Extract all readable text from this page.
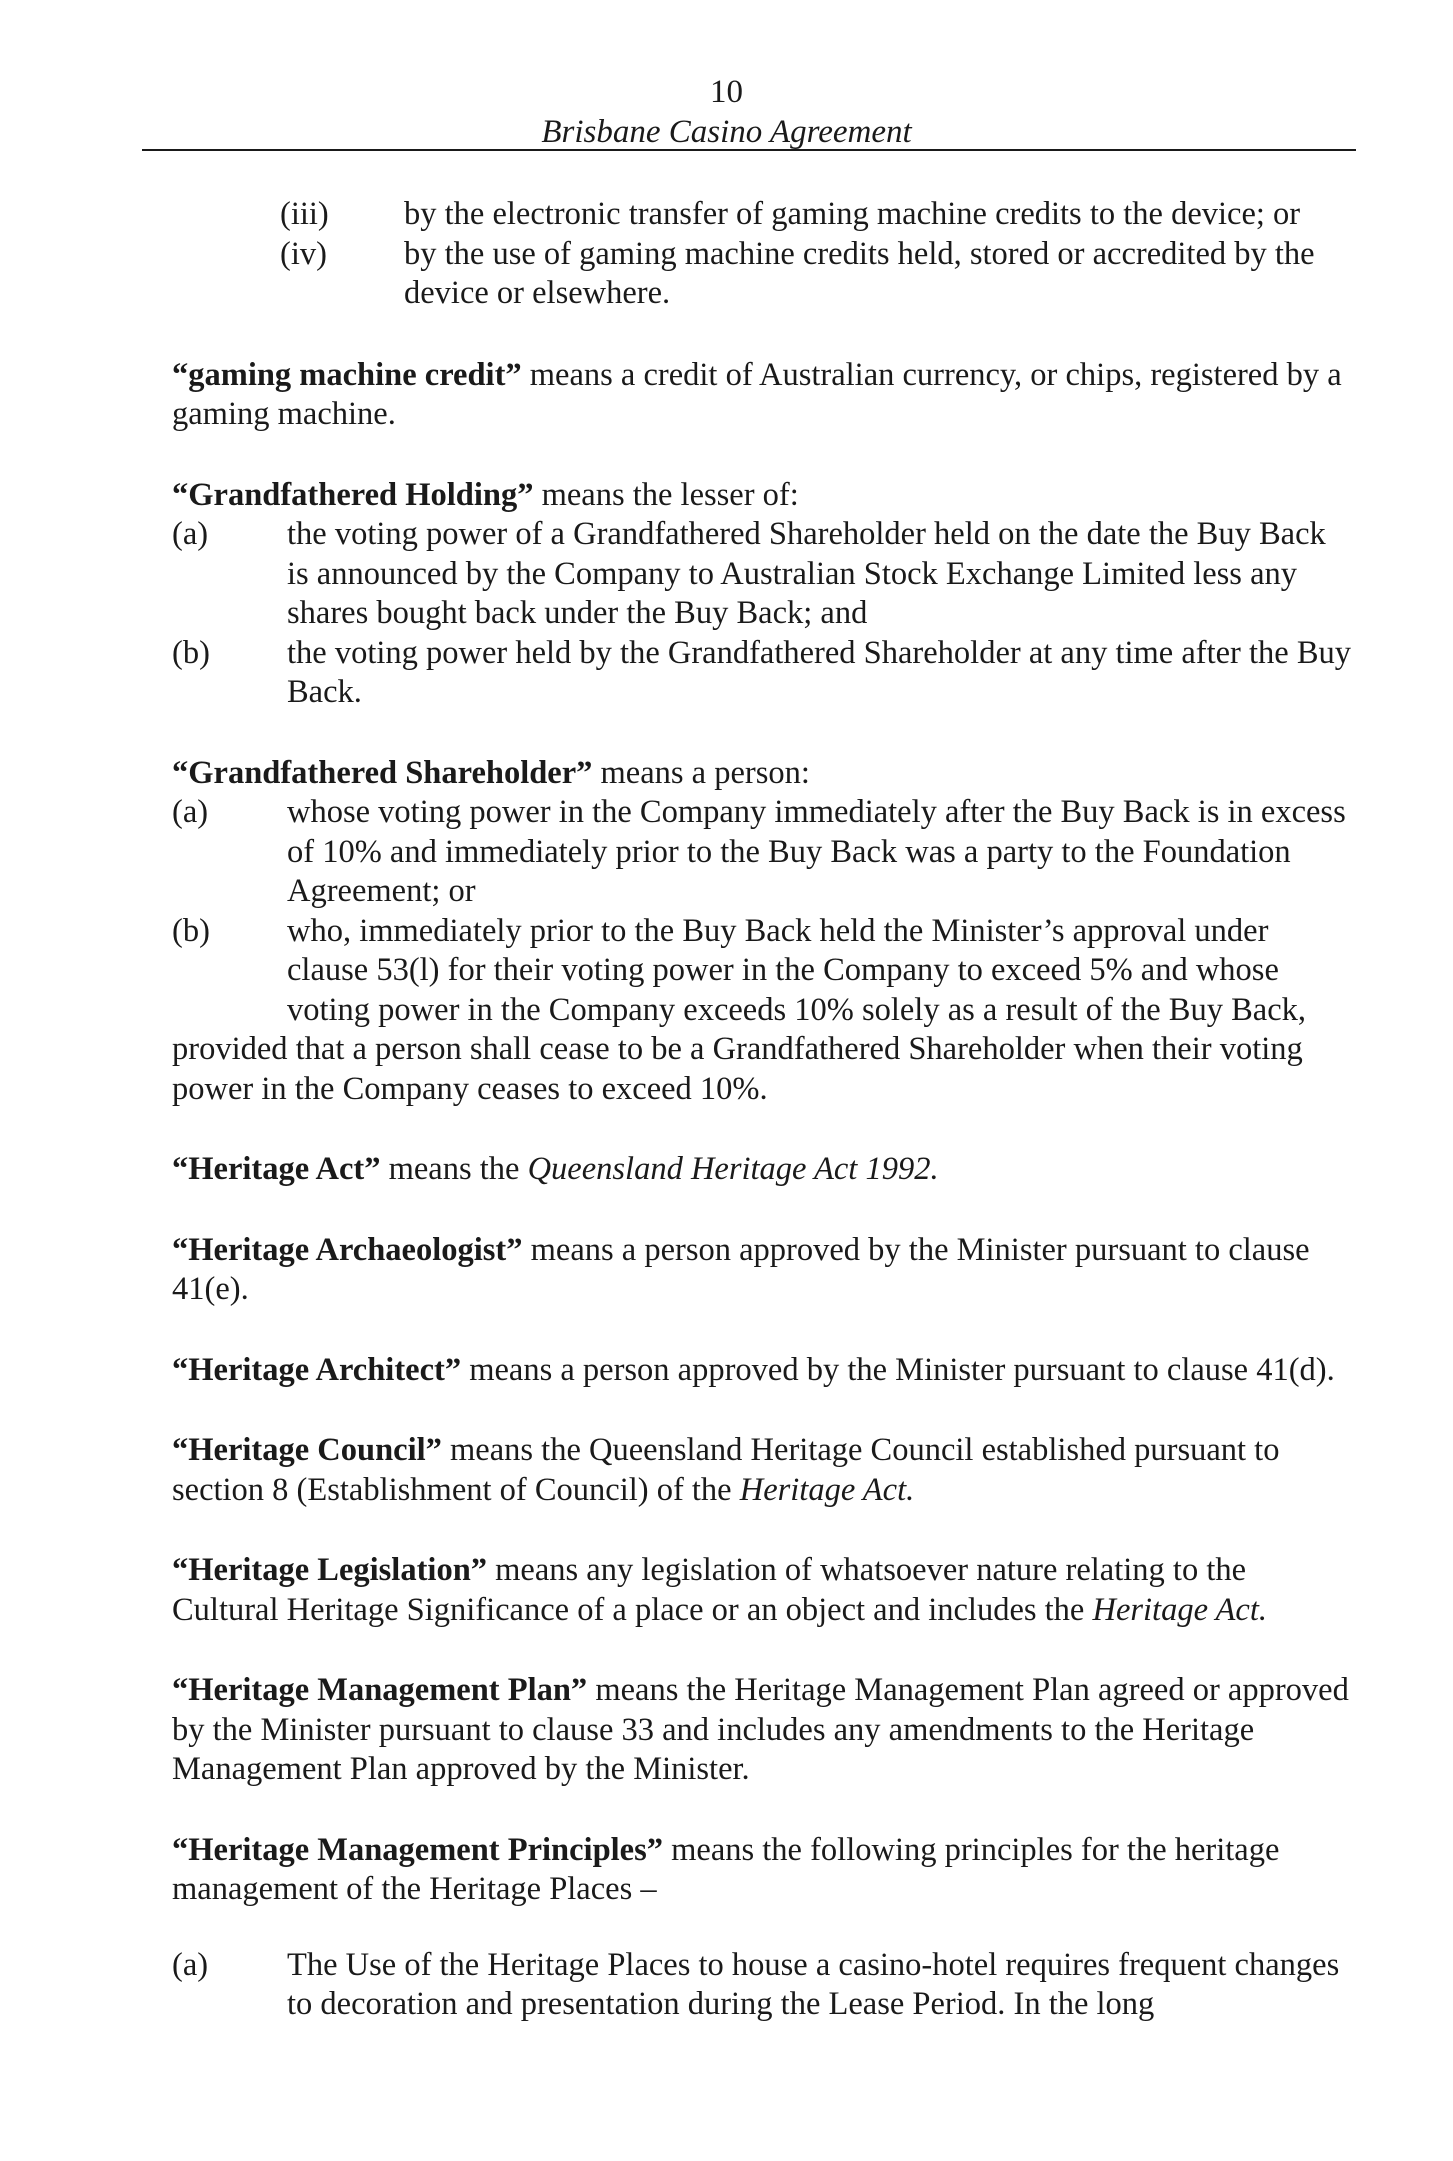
10
Brisbane Casino Agreement
(iii) by the electronic transfer of gaming machine credits to the device; or
(iv) by the use of gaming machine credits held, stored or accredited by the device or elsewhere.
“gaming machine credit” means a credit of Australian currency, or chips, registered by a gaming machine.
“Grandfathered Holding” means the lesser of:
(a) the voting power of a Grandfathered Shareholder held on the date the Buy Back is announced by the Company to Australian Stock Exchange Limited less any shares bought back under the Buy Back; and
(b) the voting power held by the Grandfathered Shareholder at any time after the Buy Back.
“Grandfathered Shareholder” means a person:
(a) whose voting power in the Company immediately after the Buy Back is in excess of 10% and immediately prior to the Buy Back was a party to the Foundation Agreement; or
(b) who, immediately prior to the Buy Back held the Minister’s approval under clause 53(l) for their voting power in the Company to exceed 5% and whose voting power in the Company exceeds 10% solely as a result of the Buy Back,
provided that a person shall cease to be a Grandfathered Shareholder when their voting power in the Company ceases to exceed 10%.
“Heritage Act” means the Queensland Heritage Act 1992.
“Heritage Archaeologist” means a person approved by the Minister pursuant to clause 41(e).
“Heritage Architect” means a person approved by the Minister pursuant to clause 41(d).
“Heritage Council” means the Queensland Heritage Council established pursuant to section 8 (Establishment of Council) of the Heritage Act.
“Heritage Legislation” means any legislation of whatsoever nature relating to the Cultural Heritage Significance of a place or an object and includes the Heritage Act.
“Heritage Management Plan” means the Heritage Management Plan agreed or approved by the Minister pursuant to clause 33 and includes any amendments to the Heritage Management Plan approved by the Minister.
“Heritage Management Principles” means the following principles for the heritage management of the Heritage Places –
(a) The Use of the Heritage Places to house a casino-hotel requires frequent changes to decoration and presentation during the Lease Period. In the long
